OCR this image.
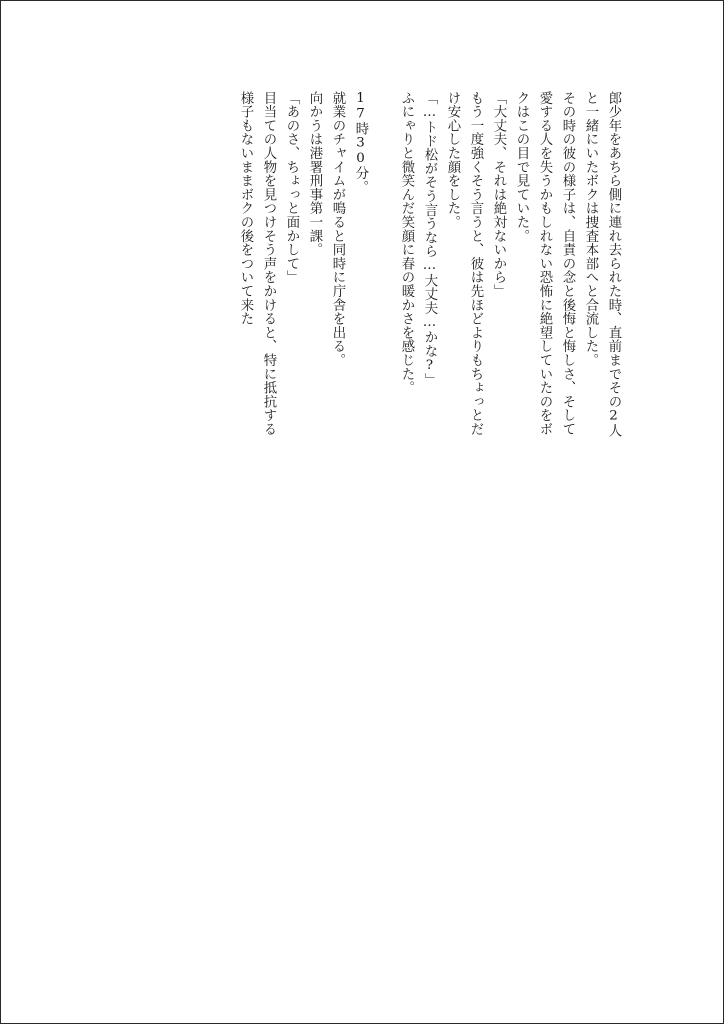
郎少年をあちら側に連れ去られた時、直前までその2人
と一緒にいたボクは捜査本部へと合流した。
その時の彼の様子は、自責の念と後悔と悔しさ、そして
愛する人を失うかもしれない恐怖に絶望していたのをボ
クはこの目で見ていた。
「大丈夫、それは絶対ないから」
もう一度強くそう言うと、彼は先ほどよりもちょっとだ
け安心した顔をした。
「…トド松がそう言うなら…大丈夫…かな?」
ふにゃりと微笑んだ笑顔に春の暖かさを感じた。
17時30分。
就業のチャイムが鳴ると同時に庁舎を出る。
向かうは港署刑事第一課。
「あのさ、ちょっと面かして」
目当ての人物を見つけそう声をかけると、特に抵抗する
様子もないままボクの後をついて来た
